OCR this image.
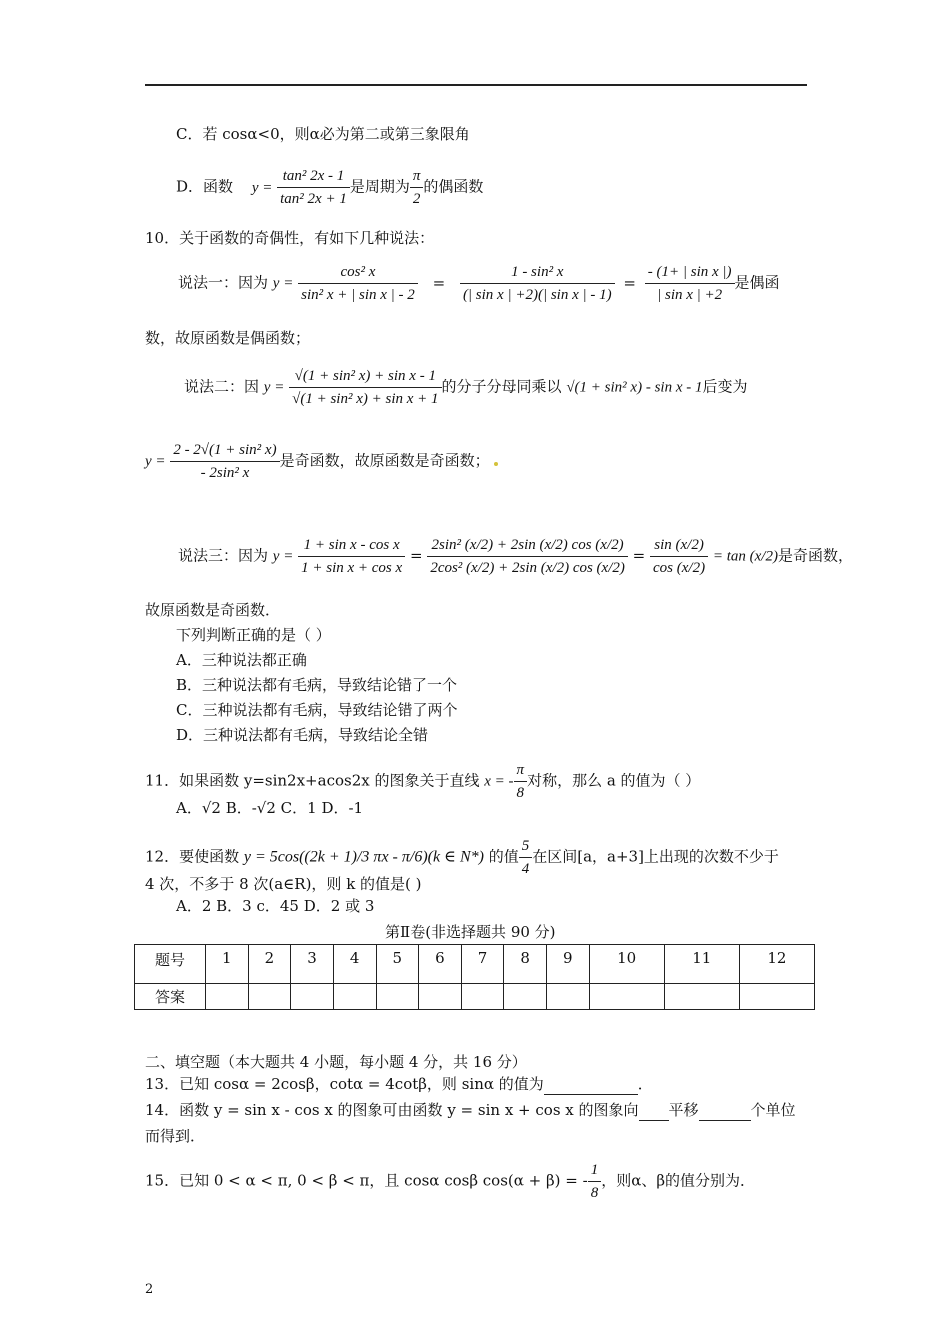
C．若 cosα<0，则α必为第二或第三象限角
D．函数 $y = \frac{\text{tan² 2x - 1}}{\text{tan² 2x + 1}}$ 是周期为 $\frac{\pi}{2}$ 的偶函数
10．关于函数的奇偶性，有如下几种说法：
说法一：因为 $y = \frac{\text{cos² x}}{\text{sin² x + | sin x | - 2}} = \frac{\text{1 - sin² x}}{\text{(| sin x | +2)(| sin x | - 1)}} = \frac{\text{- (1+ | sin x |)}}{\text{| sin x | +2}}$ 是偶函
数，故原函数是偶函数；
说法二：因 $y = \frac{\text{√(1 + sin² x) + sin x - 1}}{\text{√(1 + sin² x) + sin x + 1}}$ 的分子分母同乘以 √(1 + sin² x) - sin x - 1后变为
$y = \frac{\text{2 - 2√(1 + sin² x)}}{\text{- 2sin² x}}$ 是奇函数，故原函数是奇函数；
说法三：因为 $y = \frac{\text{1 + sin x - cos x}}{\text{1 + sin x + cos x}} = \frac{\text{2sin² (x/2) + 2sin (x/2) cos (x/2)}}{\text{2cos² (x/2) + 2sin (x/2) cos (x/2)}} = \frac{\sin (x/2)}{\cos (x/2)} = \tan (x/2)$是奇函数，
故原函数是奇函数．
下列判断正确的是（ ）
A．三种说法都正确
B．三种说法都有毛病，导致结论错了一个
C．三种说法都有毛病，导致结论错了两个
D．三种说法都有毛病，导致结论全错
11．如果函数 y=sin2x+acos2x 的图象关于直线 x = - $\frac{\pi}{8}$ 对称，那么 a 的值为（ ）
A．√2 B．-√2 C．1 D．-1
12．要使函数 y = 5cos((2k + 1)/3 πx - π/6)(k ∈ N*) 的值 $\frac{5}{4}$ 在区间[a，a+3]上出现的次数不少于
4 次，不多于 8 次(a∈R)，则 k 的值是( )
A．2 B．3 c．45 D．2 或 3
第Ⅱ卷(非选择题共 90 分)
题号	1	2	3	4	5	6	7	8	9	10	11	12
答案												
二、填空题（本大题共 4 小题，每小题 4 分，共 16 分）
13．已知 cosα = 2cosβ，cotα = 4cotβ，则 sinα 的值为	．
14．函数 y = sin x - cos x 的图象可由函数 y = sin x + cos x 的图象向 平移	个单位
而得到．
15．已知 0 < α < π, 0 < β < π，且 cosα cosβ cos(α + β) = - $\frac{1}{8}$ ，则α、β的值分别为．
2
